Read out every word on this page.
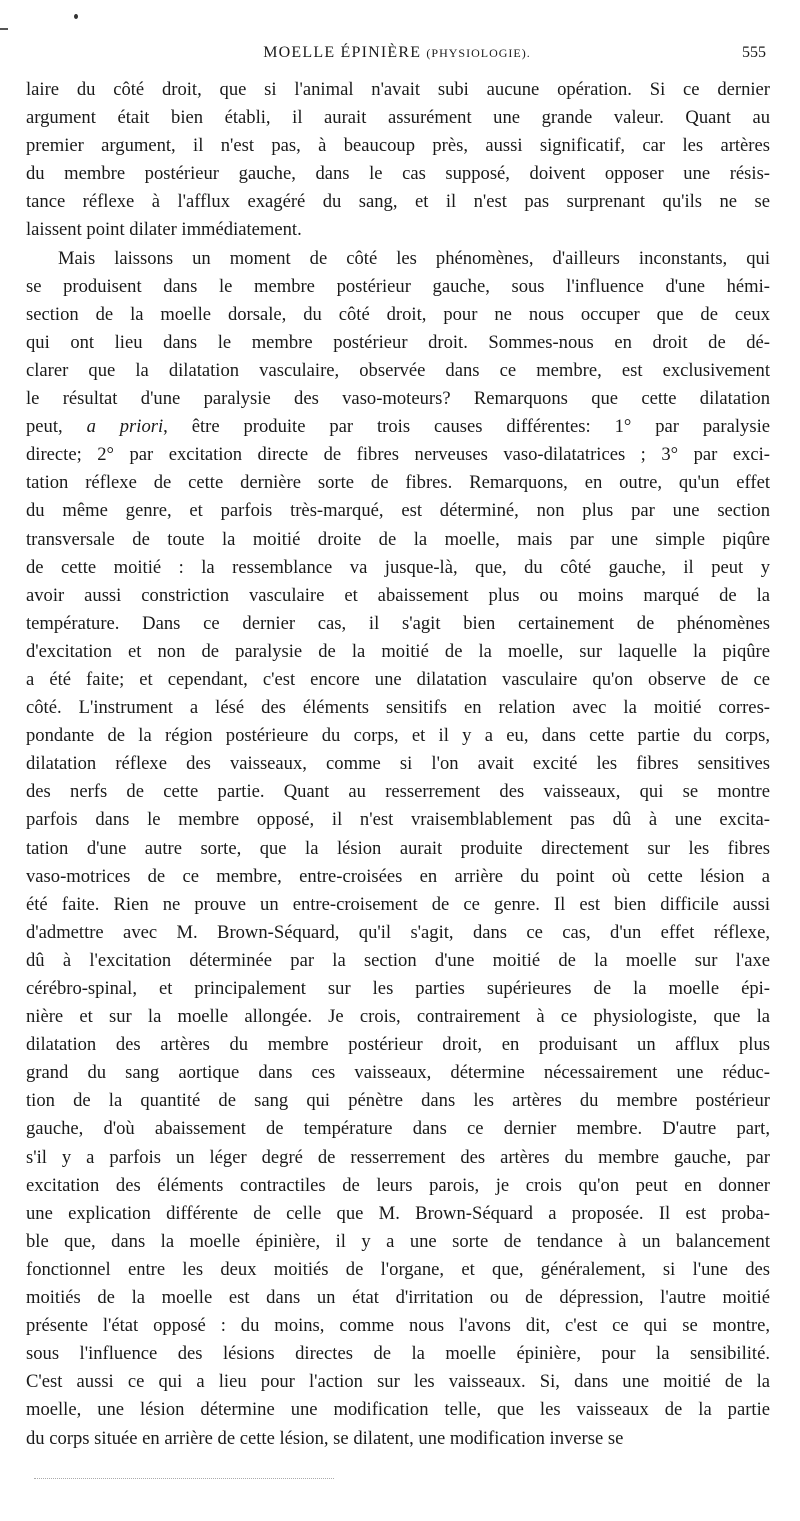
MOELLE ÉPINIÈRE (PHYSIOLOGIE).	555
laire du côté droit, que si l'animal n'avait subi aucune opération. Si ce dernier
argument était bien établi, il aurait assurément une grande valeur. Quant au
premier argument, il n'est pas, à beaucoup près, aussi significatif, car les artères
du membre postérieur gauche, dans le cas supposé, doivent opposer une résis-
tance réflexe à l'afflux exagéré du sang, et il n'est pas surprenant qu'ils ne se
laissent point dilater immédiatement.
Mais laissons un moment de côté les phénomènes, d'ailleurs inconstants, qui
se produisent dans le membre postérieur gauche, sous l'influence d'une hémi-
section de la moelle dorsale, du côté droit, pour ne nous occuper que de ceux
qui ont lieu dans le membre postérieur droit. Sommes-nous en droit de dé-
clarer que la dilatation vasculaire, observée dans ce membre, est exclusivement
le résultat d'une paralysie des vaso-moteurs? Remarquons que cette dilatation
peut, a priori, être produite par trois causes différentes: 1° par paralysie
directe; 2° par excitation directe de fibres nerveuses vaso-dilatatrices ; 3° par exci-
tation réflexe de cette dernière sorte de fibres. Remarquons, en outre, qu'un effet
du même genre, et parfois très-marqué, est déterminé, non plus par une section
transversale de toute la moitié droite de la moelle, mais par une simple piqûre
de cette moitié : la ressemblance va jusque-là, que, du côté gauche, il peut y
avoir aussi constriction vasculaire et abaissement plus ou moins marqué de la
température. Dans ce dernier cas, il s'agit bien certainement de phénomènes
d'excitation et non de paralysie de la moitié de la moelle, sur laquelle la piqûre
a été faite; et cependant, c'est encore une dilatation vasculaire qu'on observe de ce
côté. L'instrument a lésé des éléments sensitifs en relation avec la moitié corres-
pondante de la région postérieure du corps, et il y a eu, dans cette partie du corps,
dilatation réflexe des vaisseaux, comme si l'on avait excité les fibres sensitives
des nerfs de cette partie. Quant au resserrement des vaisseaux, qui se montre
parfois dans le membre opposé, il n'est vraisemblablement pas dû à une excita-
tation d'une autre sorte, que la lésion aurait produite directement sur les fibres
vaso-motrices de ce membre, entre-croisées en arrière du point où cette lésion a
été faite. Rien ne prouve un entre-croisement de ce genre. Il est bien difficile aussi
d'admettre avec M. Brown-Séquard, qu'il s'agit, dans ce cas, d'un effet réflexe,
dû à l'excitation déterminée par la section d'une moitié de la moelle sur l'axe
cérébro-spinal, et principalement sur les parties supérieures de la moelle épi-
nière et sur la moelle allongée. Je crois, contrairement à ce physiologiste, que la
dilatation des artères du membre postérieur droit, en produisant un afflux plus
grand du sang aortique dans ces vaisseaux, détermine nécessairement une réduc-
tion de la quantité de sang qui pénètre dans les artères du membre postérieur
gauche, d'où abaissement de température dans ce dernier membre. D'autre part,
s'il y a parfois un léger degré de resserrement des artères du membre gauche, par
excitation des éléments contractiles de leurs parois, je crois qu'on peut en donner
une explication différente de celle que M. Brown-Séquard a proposée. Il est proba-
ble que, dans la moelle épinière, il y a une sorte de tendance à un balancement
fonctionnel entre les deux moitiés de l'organe, et que, généralement, si l'une des
moitiés de la moelle est dans un état d'irritation ou de dépression, l'autre moitié
présente l'état opposé : du moins, comme nous l'avons dit, c'est ce qui se montre,
sous l'influence des lésions directes de la moelle épinière, pour la sensibilité.
C'est aussi ce qui a lieu pour l'action sur les vaisseaux. Si, dans une moitié de la
moelle, une lésion détermine une modification telle, que les vaisseaux de la partie
du corps située en arrière de cette lésion, se dilatent, une modification inverse se
